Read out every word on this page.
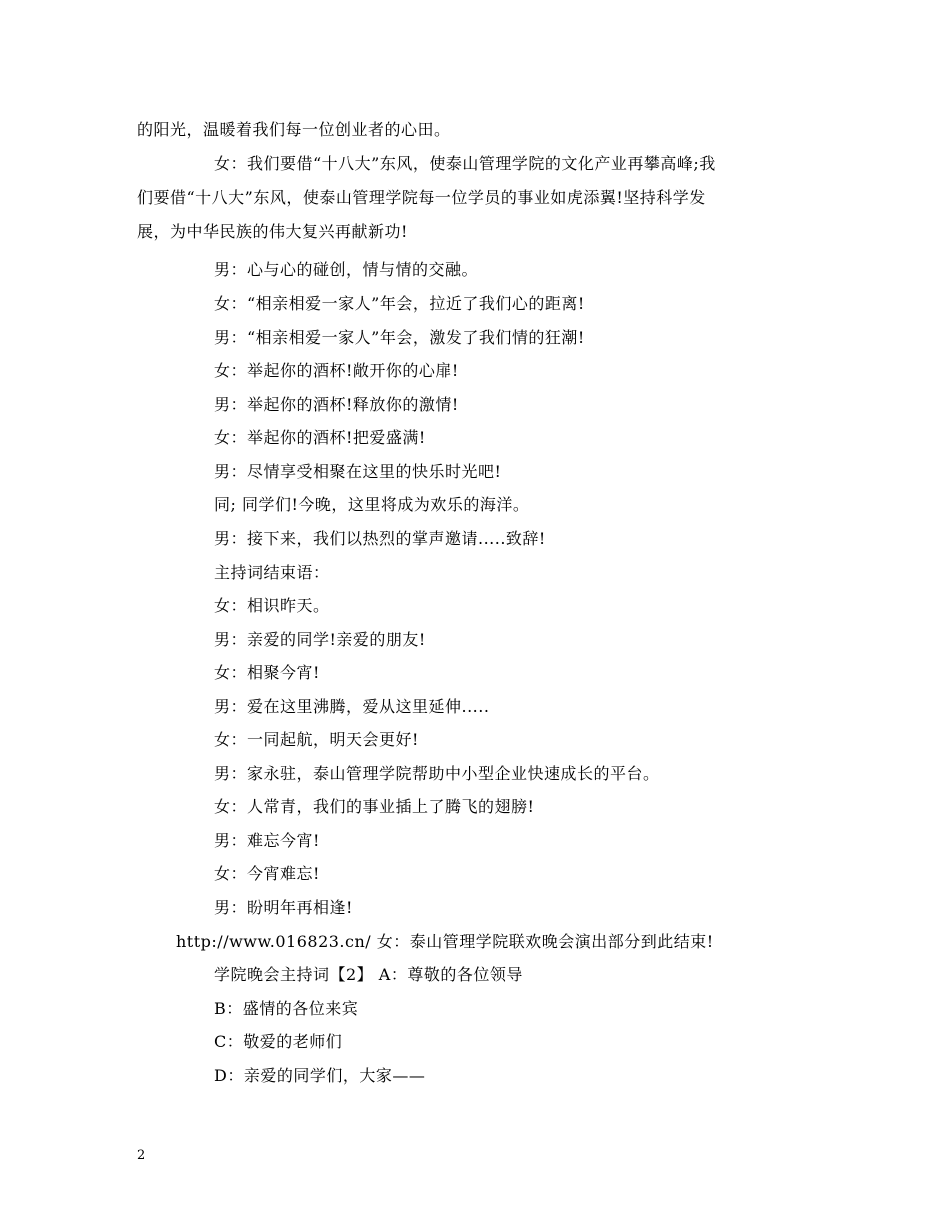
的阳光，温暖着我们每一位创业者的心田。
女：我们要借“十八大”东风，使泰山管理学院的文化产业再攀高峰;我
们要借“十八大”东风，使泰山管理学院每一位学员的事业如虎添翼!坚持科学发
展，为中华民族的伟大复兴再献新功!
男：心与心的碰创，情与情的交融。
女：“相亲相爱一家人”年会，拉近了我们心的距离!
男：“相亲相爱一家人”年会，激发了我们情的狂潮!
女：举起你的酒杯!敞开你的心扉!
男：举起你的酒杯!释放你的激情!
女：举起你的酒杯!把爱盛满!
男：尽情享受相聚在这里的快乐时光吧!
同; 同学们!今晚，这里将成为欢乐的海洋。
男：接下来，我们以热烈的掌声邀请.....致辞!
主持词结束语：
女：相识昨天。
男：亲爱的同学!亲爱的朋友!
女：相聚今宵!
男：爱在这里沸腾，爱从这里延伸.....
女：一同起航，明天会更好!
男：家永驻，泰山管理学院帮助中小型企业快速成长的平台。
女：人常青，我们的事业插上了腾飞的翅膀!
男：难忘今宵!
女：今宵难忘!
男：盼明年再相逢!
http://www.016823.cn/ 女：泰山管理学院联欢晚会演出部分到此结束!
学院晚会主持词【2】 A：尊敬的各位领导
B：盛情的各位来宾
C：敬爱的老师们
D：亲爱的同学们，大家——
2
